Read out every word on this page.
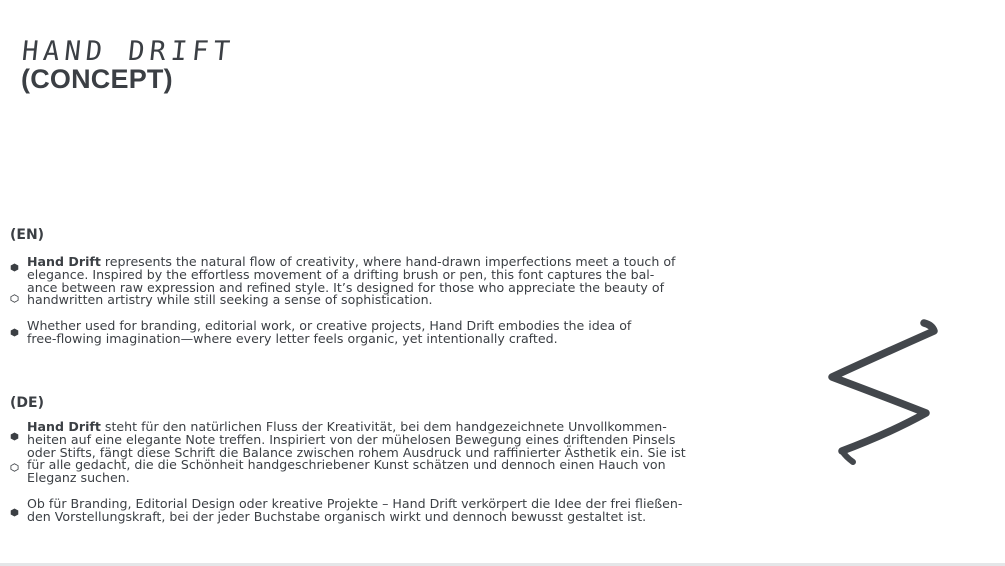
HAND DRIFT
(CONCEPT)
(EN)
Hand Drift represents the natural flow of creativity, where hand-drawn imperfections meet a touch of
elegance. Inspired by the effortless movement of a drifting brush or pen, this font captures the bal-
ance between raw expression and refined style. It’s designed for those who appreciate the beauty of
handwritten artistry while still seeking a sense of sophistication.
Whether used for branding, editorial work, or creative projects, Hand Drift embodies the idea of
free-flowing imagination—where every letter feels organic, yet intentionally crafted.
(DE)
Hand Drift steht für den natürlichen Fluss der Kreativität, bei dem handgezeichnete Unvollkommen-
heiten auf eine elegante Note treffen. Inspiriert von der mühelosen Bewegung eines driftenden Pinsels
oder Stifts, fängt diese Schrift die Balance zwischen rohem Ausdruck und raffinierter Ästhetik ein. Sie ist
für alle gedacht, die die Schönheit handgeschriebener Kunst schätzen und dennoch einen Hauch von
Eleganz suchen.
Ob für Branding, Editorial Design oder kreative Projekte – Hand Drift verkörpert die Idee der frei fließen-
den Vorstellungskraft, bei der jeder Buchstabe organisch wirkt und dennoch bewusst gestaltet ist.
